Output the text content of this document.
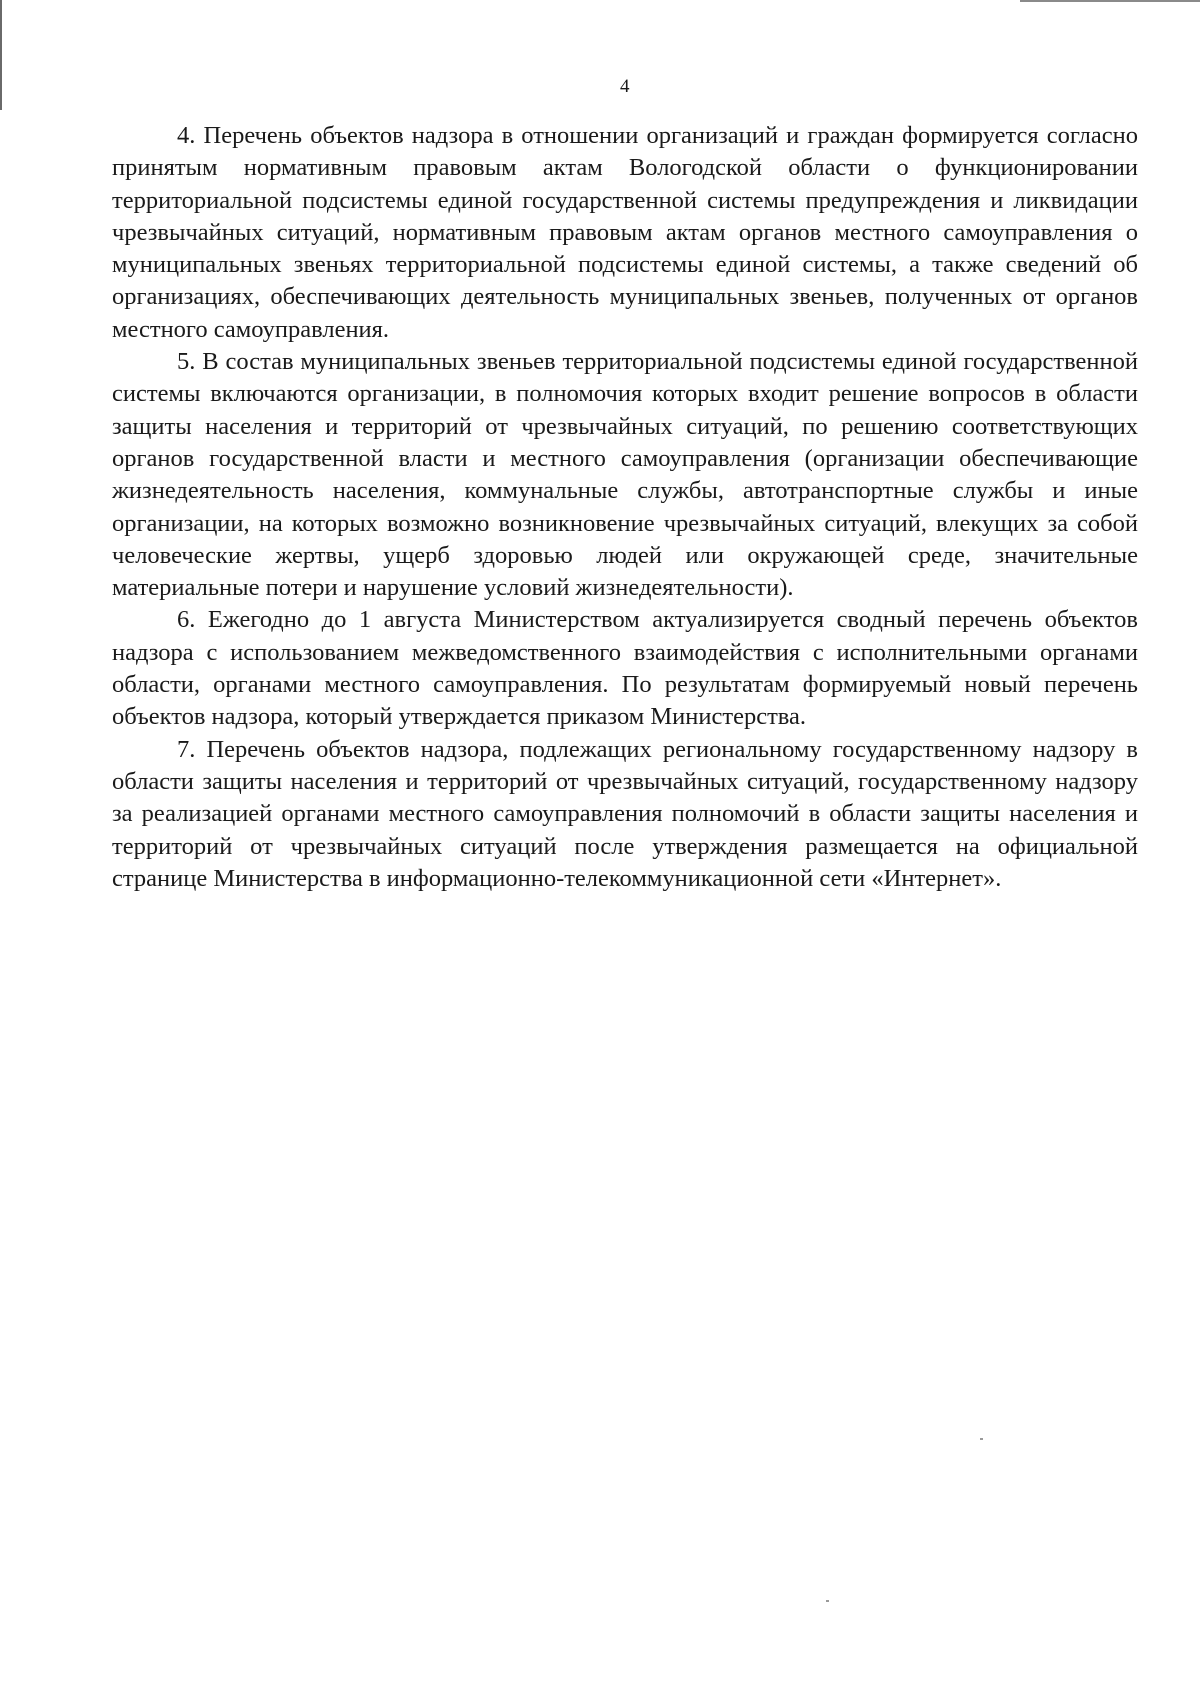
4

4. Перечень объектов надзора в отношении организаций и граждан формируется согласно принятым нормативным правовым актам Вологодской области о функционировании территориальной подсистемы единой государственной системы предупреждения и ликвидации чрезвычайных ситуаций, нормативным правовым актам органов местного самоуправления о муниципальных звеньях территориальной подсистемы единой системы, а также сведений об организациях, обеспечивающих деятельность муниципальных звеньев, полученных от органов местного самоуправления.

5. В состав муниципальных звеньев территориальной подсистемы единой государственной системы включаются организации, в полномочия которых входит решение вопросов в области защиты населения и территорий от чрезвычайных ситуаций, по решению соответствующих органов государственной власти и местного самоуправления (организации обеспечивающие жизнедеятельность населения, коммунальные службы, автотранспортные службы и иные организации, на которых возможно возникновение чрезвычайных ситуаций, влекущих за собой человеческие жертвы, ущерб здоровью людей или окружающей среде, значительные материальные потери и нарушение условий жизнедеятельности).

6. Ежегодно до 1 августа Министерством актуализируется сводный перечень объектов надзора с использованием межведомственного взаимодействия с исполнительными органами области, органами местного самоуправления. По результатам формируемый новый перечень объектов надзора, который утверждается приказом Министерства.

7. Перечень объектов надзора, подлежащих региональному государственному надзору в области защиты населения и территорий от чрезвычайных ситуаций, государственному надзору за реализацией органами местного самоуправления полномочий в области защиты населения и территорий от чрезвычайных ситуаций после утверждения размещается на официальной странице Министерства в информационно-телекоммуникационной сети «Интернет».
